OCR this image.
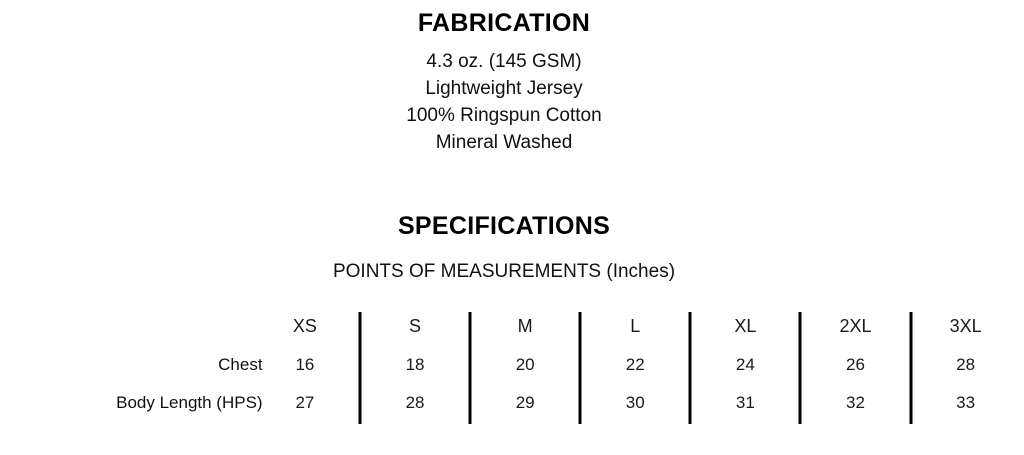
FABRICATION
4.3 oz. (145 GSM)
Lightweight Jersey
100% Ringspun Cotton
Mineral Washed
SPECIFICATIONS
POINTS OF MEASUREMENTS (Inches)
	XS		S		M		L		XL		2XL		3XL
Chest	16		18		20		22		24		26		28
Body Length (HPS)	27		28		29		30		31		32		33
